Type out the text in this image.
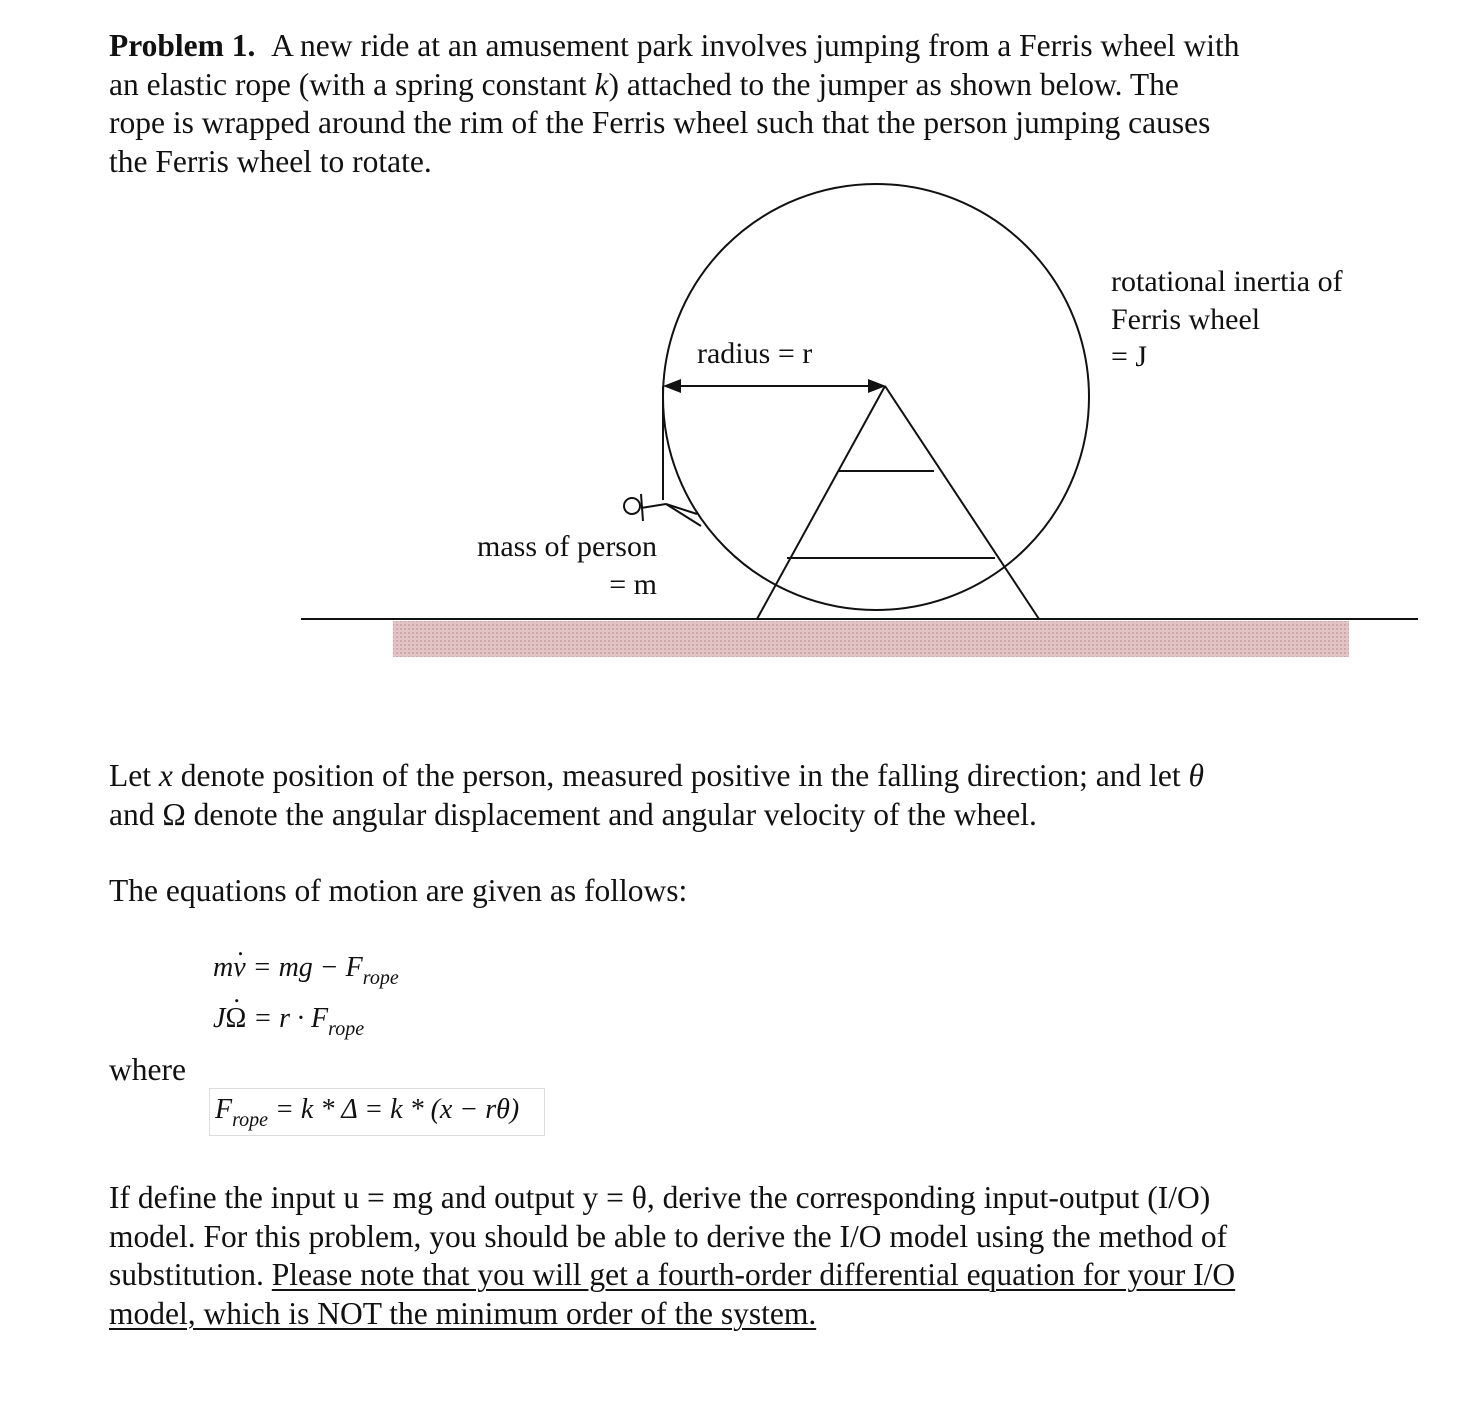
Problem 1. A new ride at an amusement park involves jumping from a Ferris wheel with
an elastic rope (with a spring constant k) attached to the jumper as shown below. The
rope is wrapped around the rim of the Ferris wheel such that the person jumping causes
the Ferris wheel to rotate.
radius = r
rotational inertia of
Ferris wheel
= J
mass of person
= m
Let x denote position of the person, measured positive in the falling direction; and let θ
and Ω denote the angular displacement and angular velocity of the wheel.

The equations of motion are given as follows:

mv . = mg − $F_{rope}$
JΩ . = $r \cdot F_{rope}$

where

$F_{rope} = k * \Delta = k * (x - r\theta)$
If define the input u = mg and output y = θ, derive the corresponding input-output (I/O)
model. For this problem, you should be able to derive the I/O model using the method of
substitution. Please note that you will get a fourth-order differential equation for your I/O
model, which is NOT the minimum order of the system.
